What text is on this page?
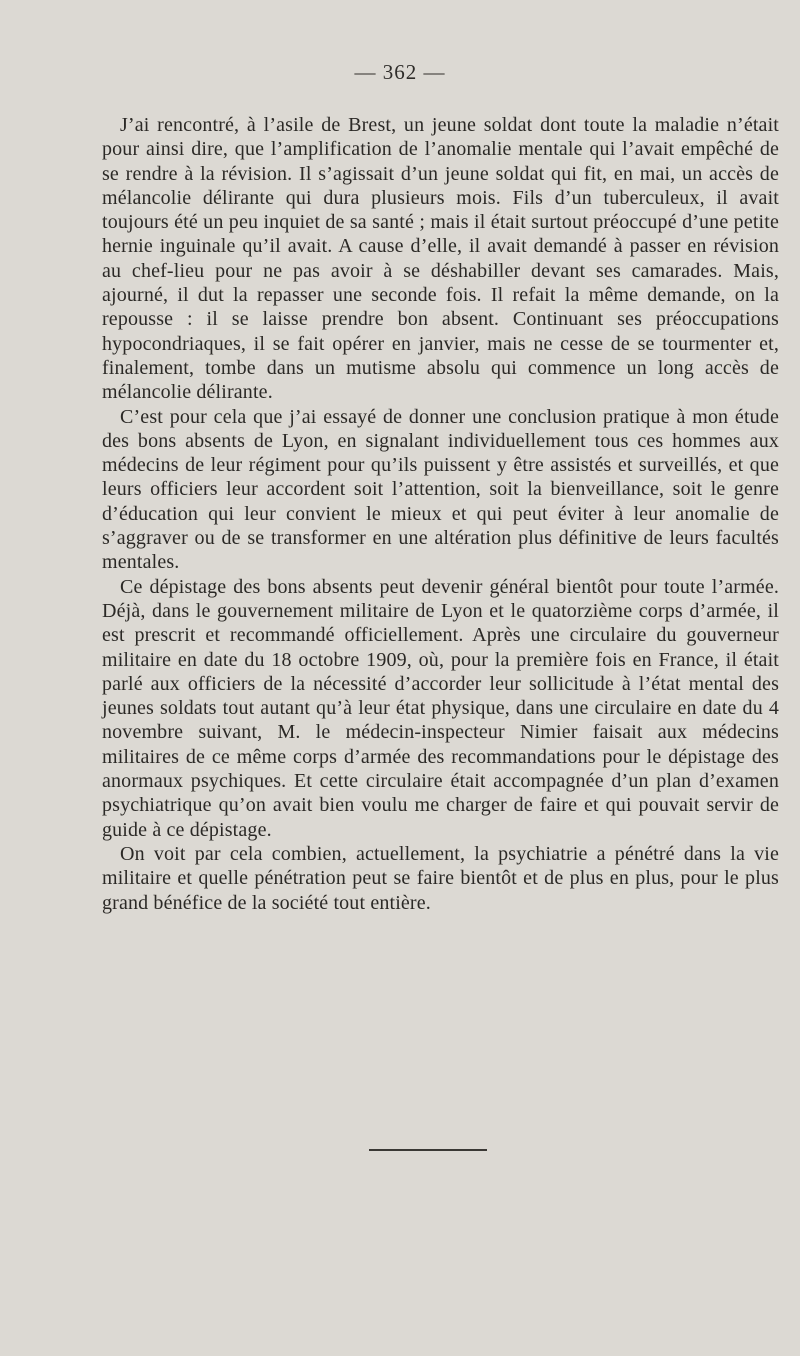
— 362 —

J’ai rencontré, à l’asile de Brest, un jeune soldat dont toute la maladie n’était pour ainsi dire, que l’amplification de l’anomalie mentale qui l’avait empêché de se rendre à la révision. Il s’agissait d’un jeune soldat qui fit, en mai, un accès de mélancolie délirante qui dura plusieurs mois. Fils d’un tuberculeux, il avait toujours été un peu inquiet de sa santé ; mais il était surtout préoccupé d’une petite hernie inguinale qu’il avait. A cause d’elle, il avait demandé à passer en révision au chef-lieu pour ne pas avoir à se déshabiller devant ses camarades. Mais, ajourné, il dut la repasser une seconde fois. Il refait la même demande, on la repousse : il se laisse prendre bon absent. Continuant ses préoccupations hypocondriaques, il se fait opérer en janvier, mais ne cesse de se tourmenter et, finalement, tombe dans un mutisme absolu qui commence un long accès de mélancolie délirante.

C’est pour cela que j’ai essayé de donner une conclusion pratique à mon étude des bons absents de Lyon, en signalant individuellement tous ces hommes aux médecins de leur régiment pour qu’ils puissent y être assistés et surveillés, et que leurs officiers leur accordent soit l’attention, soit la bienveillance, soit le genre d’éducation qui leur convient le mieux et qui peut éviter à leur anomalie de s’aggraver ou de se transformer en une altération plus définitive de leurs facultés mentales.

Ce dépistage des bons absents peut devenir général bientôt pour toute l’armée. Déjà, dans le gouvernement militaire de Lyon et le quatorzième corps d’armée, il est prescrit et recommandé officiellement. Après une circulaire du gouverneur militaire en date du 18 octobre 1909, où, pour la première fois en France, il était parlé aux officiers de la nécessité d’accorder leur sollicitude à l’état mental des jeunes soldats tout autant qu’à leur état physique, dans une circulaire en date du 4 novembre suivant, M. le médecin-inspecteur Nimier faisait aux médecins militaires de ce même corps d’armée des recommandations pour le dépistage des anormaux psychiques. Et cette circulaire était accompagnée d’un plan d’examen psychiatrique qu’on avait bien voulu me charger de faire et qui pouvait servir de guide à ce dépistage.

On voit par cela combien, actuellement, la psychiatrie a pénétré dans la vie militaire et quelle pénétration peut se faire bientôt et de plus en plus, pour le plus grand bénéfice de la société tout entière.
